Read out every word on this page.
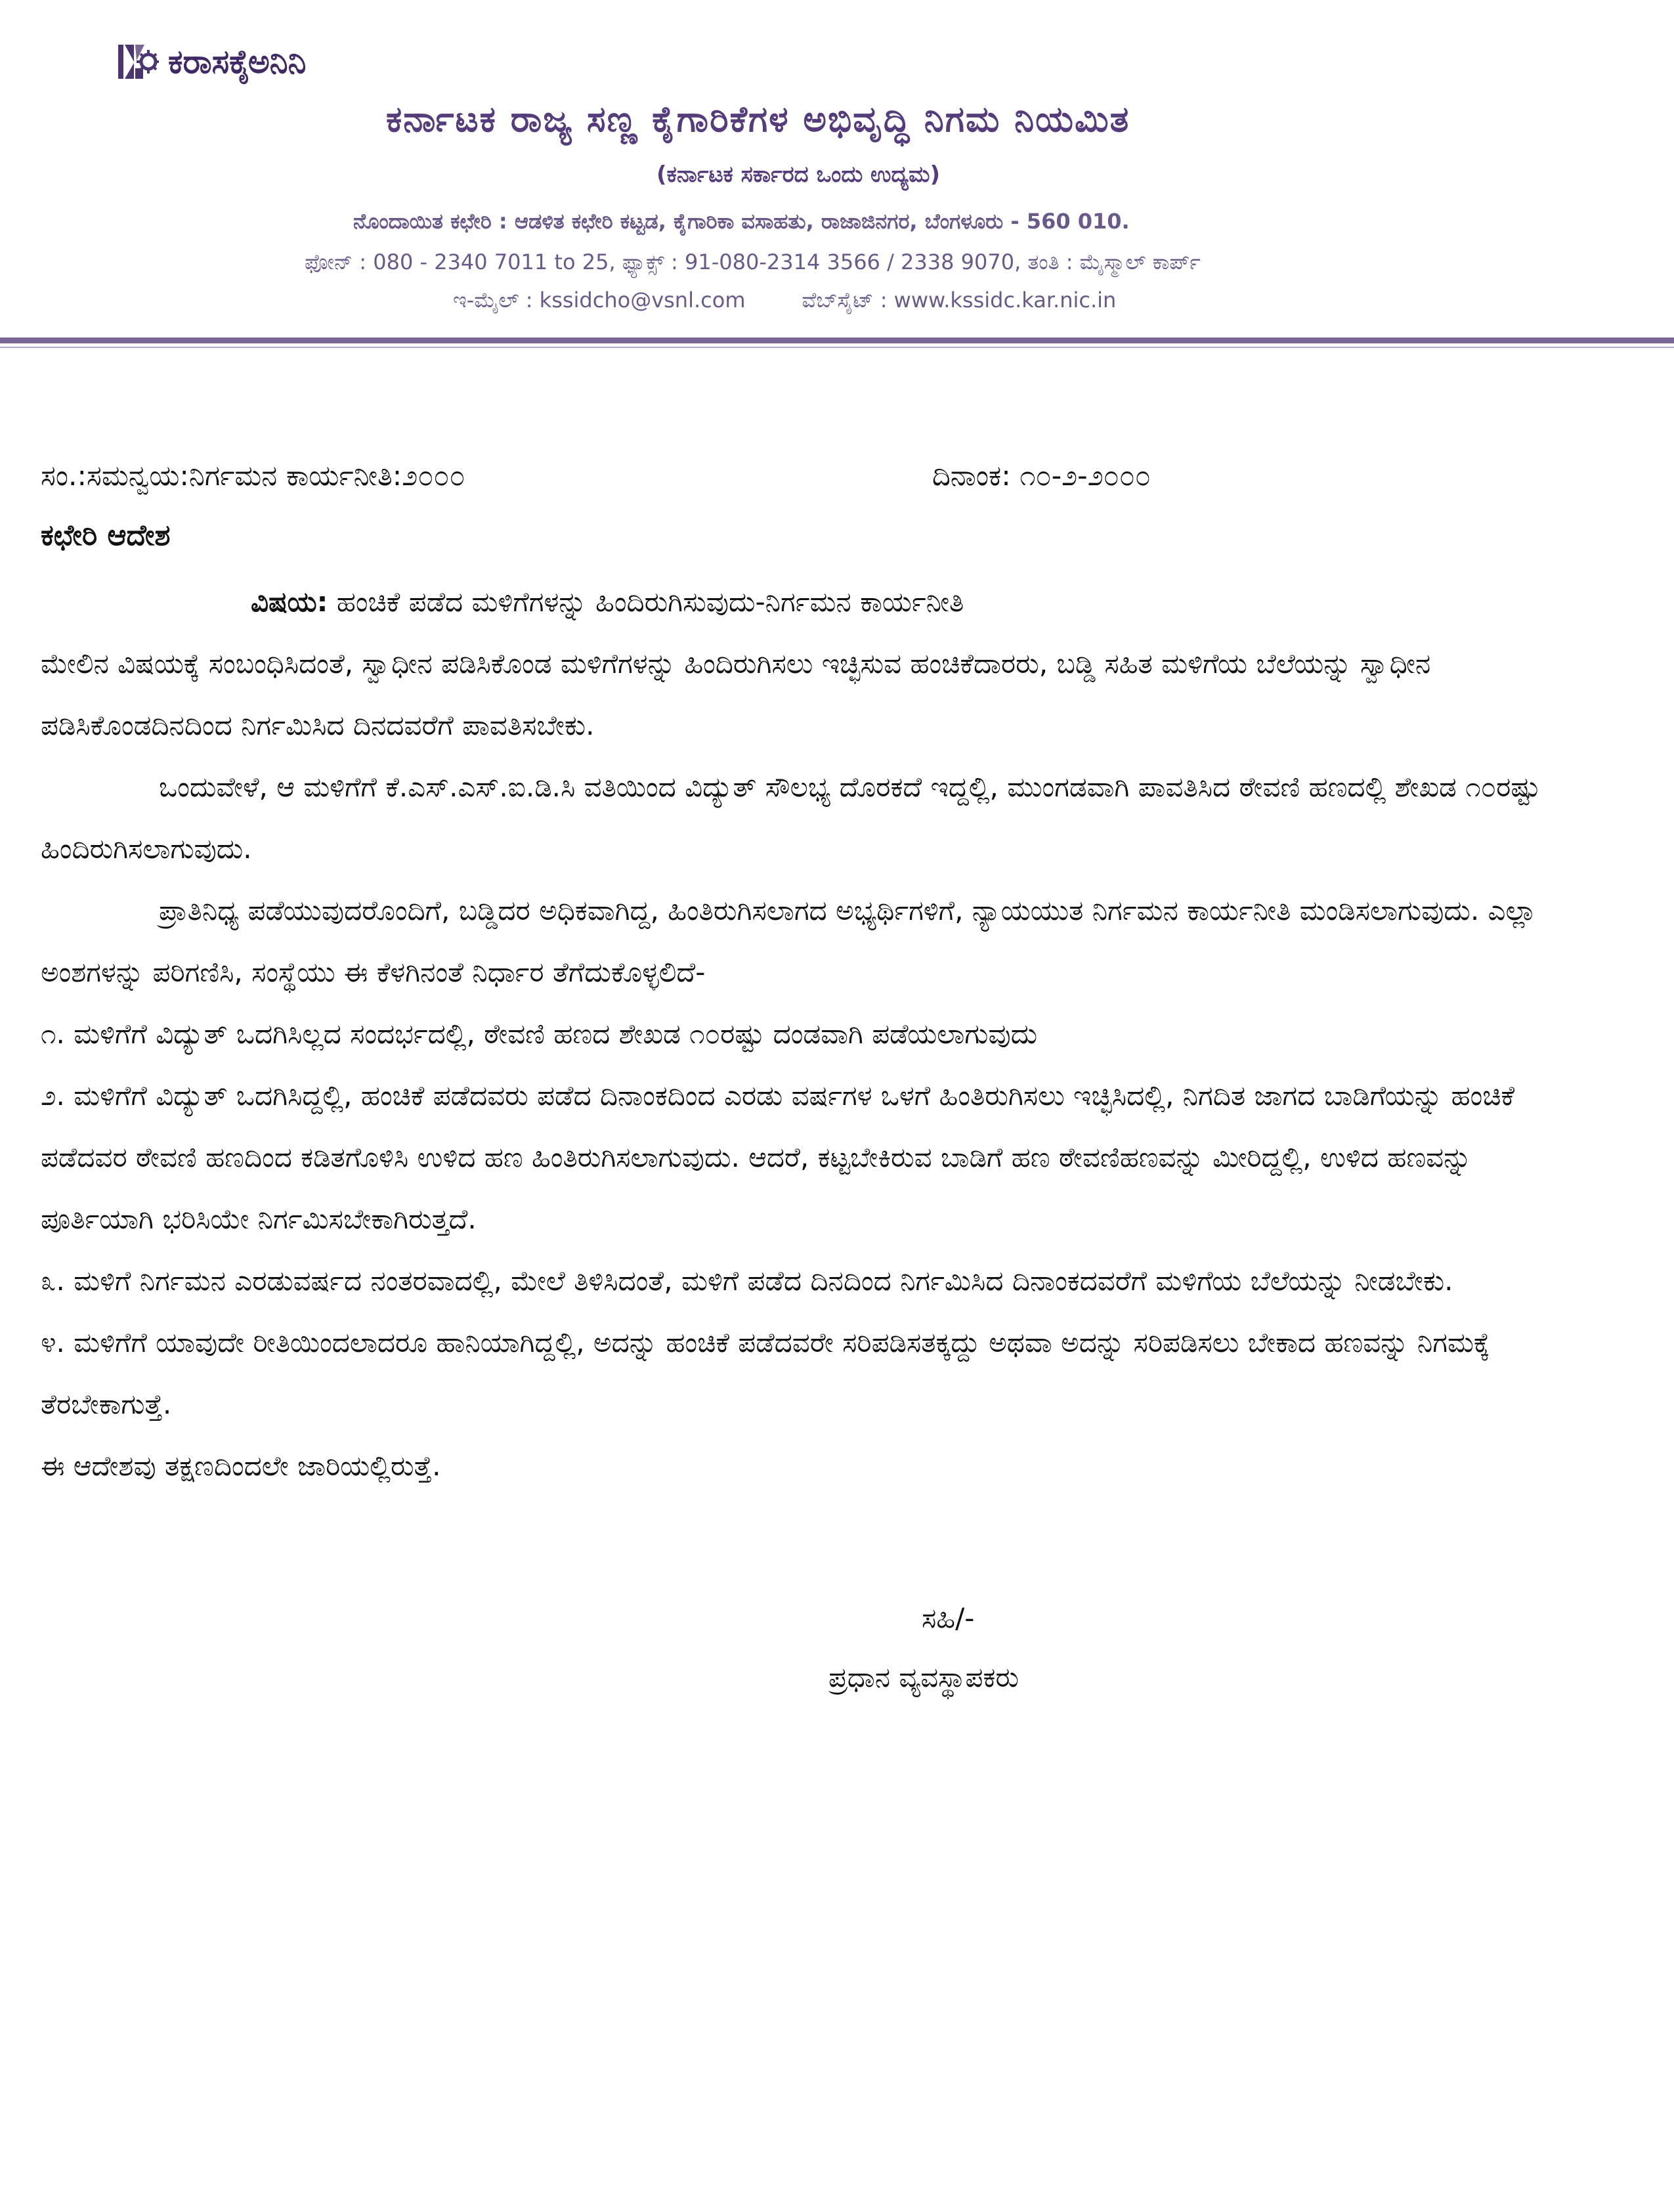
ಕರಾಸಕೈಅನಿನಿ
ಕರ್ನಾಟಕ ರಾಜ್ಯ ಸಣ್ಣ ಕೈಗಾರಿಕೆಗಳ ಅಭಿವೃದ್ಧಿ ನಿಗಮ ನಿಯಮಿತ
(ಕರ್ನಾಟಕ ಸರ್ಕಾರದ ಒಂದು ಉದ್ಯಮ)
ನೊಂದಾಯಿತ ಕಛೇರಿ : ಆಡಳಿತ ಕಛೇರಿ ಕಟ್ಟಡ, ಕೈಗಾರಿಕಾ ವಸಾಹತು, ರಾಜಾಜಿನಗರ, ಬೆಂಗಳೂರು - 560 010.
ಫೋನ್ : 080 - 2340 7011 to 25, ಫ್ಯಾಕ್ಸ್ : 91-080-2314 3566 / 2338 9070, ತಂತಿ : ಮೈಸ್ಮಾಲ್ ಕಾರ್ಪ್
ಇ-ಮೈಲ್ : kssidcho@vsnl.com	ವೆಬ್‌ಸೈಟ್ : www.kssidc.kar.nic.in
ಸಂ.:ಸಮನ್ವಯ:ನಿರ್ಗಮನ ಕಾರ್ಯನೀತಿ:೨೦೦೦	ದಿನಾಂಕ: ೧೦-೨-೨೦೦೦
ಕಛೇರಿ ಆದೇಶ

ವಿಷಯ: ಹಂಚಿಕೆ ಪಡೆದ ಮಳಿಗೆಗಳನ್ನು ಹಿಂದಿರುಗಿಸುವುದು-ನಿರ್ಗಮನ ಕಾರ್ಯನೀತಿ

ಮೇಲಿನ ವಿಷಯಕ್ಕೆ ಸಂಬಂಧಿಸಿದಂತೆ, ಸ್ವಾಧೀನ ಪಡಿಸಿಕೊಂಡ ಮಳಿಗೆಗಳನ್ನು ಹಿಂದಿರುಗಿಸಲು ಇಚ್ಛಿಸುವ ಹಂಚಿಕೆದಾರರು, ಬಡ್ಡಿ ಸಹಿತ ಮಳಿಗೆಯ ಬೆಲೆಯನ್ನು ಸ್ವಾಧೀನ ಪಡಿಸಿಕೊಂಡದಿನದಿಂದ ನಿರ್ಗಮಿಸಿದ ದಿನದವರೆಗೆ ಪಾವತಿಸಬೇಕು.

ಒಂದುವೇಳೆ, ಆ ಮಳಿಗೆಗೆ ಕೆ.ಎಸ್.ಎಸ್.ಐ.ಡಿ.ಸಿ ವತಿಯಿಂದ ವಿದ್ಯುತ್ ಸೌಲಭ್ಯ ದೊರಕದೆ ಇದ್ದಲ್ಲಿ, ಮುಂಗಡವಾಗಿ ಪಾವತಿಸಿದ ಠೇವಣಿ ಹಣದಲ್ಲಿ ಶೇಖಡ ೧೦ರಷ್ಟು ಹಿಂದಿರುಗಿಸಲಾಗುವುದು.

ಪ್ರಾತಿನಿಧ್ಯ ಪಡೆಯುವುದರೊಂದಿಗೆ, ಬಡ್ಡಿದರ ಅಧಿಕವಾಗಿದ್ದ, ಹಿಂತಿರುಗಿಸಲಾಗದ ಅಭ್ಯರ್ಥಿಗಳಿಗೆ, ನ್ಯಾಯಯುತ ನಿರ್ಗಮನ ಕಾರ್ಯನೀತಿ ಮಂಡಿಸಲಾಗುವುದು. ಎಲ್ಲಾ ಅಂಶಗಳನ್ನು ಪರಿಗಣಿಸಿ, ಸಂಸ್ಥೆಯು ಈ ಕೆಳಗಿನಂತೆ ನಿರ್ಧಾರ ತೆಗೆದುಕೊಳ್ಳಲಿದೆ-

೧. ಮಳಿಗೆಗೆ ವಿದ್ಯುತ್ ಒದಗಿಸಿಲ್ಲದ ಸಂದರ್ಭದಲ್ಲಿ, ಠೇವಣಿ ಹಣದ ಶೇಖಡ ೧೦ರಷ್ಟು ದಂಡವಾಗಿ ಪಡೆಯಲಾಗುವುದು

೨. ಮಳಿಗೆಗೆ ವಿದ್ಯುತ್ ಒದಗಿಸಿದ್ದಲ್ಲಿ, ಹಂಚಿಕೆ ಪಡೆದವರು ಪಡೆದ ದಿನಾಂಕದಿಂದ ಎರಡು ವರ್ಷಗಳ ಒಳಗೆ ಹಿಂತಿರುಗಿಸಲು ಇಚ್ಛಿಸಿದಲ್ಲಿ, ನಿಗದಿತ ಜಾಗದ ಬಾಡಿಗೆಯನ್ನು ಹಂಚಿಕೆ ಪಡೆದವರ ಠೇವಣಿ ಹಣದಿಂದ ಕಡಿತಗೊಳಿಸಿ ಉಳಿದ ಹಣ ಹಿಂತಿರುಗಿಸಲಾಗುವುದು. ಆದರೆ, ಕಟ್ಟಬೇಕಿರುವ ಬಾಡಿಗೆ ಹಣ ಠೇವಣಿಹಣವನ್ನು ಮೀರಿದ್ದಲ್ಲಿ, ಉಳಿದ ಹಣವನ್ನು ಪೂರ್ತಿಯಾಗಿ ಭರಿಸಿಯೇ ನಿರ್ಗಮಿಸಬೇಕಾಗಿರುತ್ತದೆ.

೩. ಮಳಿಗೆ ನಿರ್ಗಮನ ಎರಡುವರ್ಷದ ನಂತರವಾದಲ್ಲಿ, ಮೇಲೆ ತಿಳಿಸಿದಂತೆ, ಮಳಿಗೆ ಪಡೆದ ದಿನದಿಂದ ನಿರ್ಗಮಿಸಿದ ದಿನಾಂಕದವರೆಗೆ ಮಳಿಗೆಯ ಬೆಲೆಯನ್ನು ನೀಡಬೇಕು.

೪. ಮಳಿಗೆಗೆ ಯಾವುದೇ ರೀತಿಯಿಂದಲಾದರೂ ಹಾನಿಯಾಗಿದ್ದಲ್ಲಿ, ಅದನ್ನು ಹಂಚಿಕೆ ಪಡೆದವರೇ ಸರಿಪಡಿಸತಕ್ಕದ್ದು ಅಥವಾ ಅದನ್ನು ಸರಿಪಡಿಸಲು ಬೇಕಾದ ಹಣವನ್ನು ನಿಗಮಕ್ಕೆ ತೆರಬೇಕಾಗುತ್ತೆ.

ಈ ಆದೇಶವು ತಕ್ಷಣದಿಂದಲೇ ಜಾರಿಯಲ್ಲಿರುತ್ತೆ.

ಸಹಿ/-
ಪ್ರಧಾನ ವ್ಯವಸ್ಥಾಪಕರು
